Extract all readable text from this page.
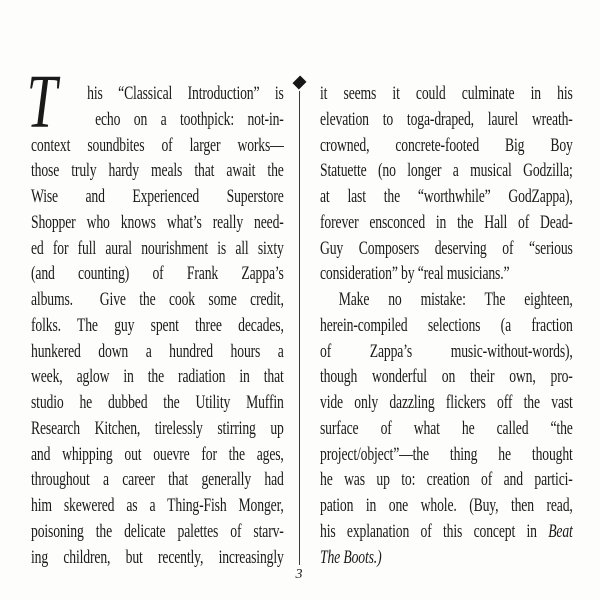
T	his “Classical Introduction” is
echo on a toothpick: not-in-
context soundbites of larger works—
those truly hardy meals that await the
Wise and Experienced Superstore
Shopper who knows what’s really need-
ed for full aural nourishment is all sixty
(and counting) of Frank Zappa’s
albums.  Give the cook some credit,
folks. The guy spent three decades,
hunkered down a hundred hours a
week, aglow in the radiation in that
studio he dubbed the Utility Muffin
Research Kitchen, tirelessly stirring up
and whipping out ouevre for the ages,
throughout a career that generally had
him skewered as a Thing-Fish Monger,
poisoning the delicate palettes of starv-
ing children, but recently, increasingly
it seems it could culminate in his
elevation to toga-draped, laurel wreath-
crowned, concrete-footed Big Boy
Statuette (no longer a musical Godzilla;
at last the “worthwhile” GodZappa),
forever ensconced in the Hall of Dead-
Guy Composers deserving of “serious
consideration” by “real musicians.”
Make no mistake: The eighteen,
herein-compiled selections (a fraction
of Zappa’s music-without-words),
though wonderful on their own, pro-
vide only dazzling flickers off the vast
surface of what he called “the
project/object”—the thing he thought
he was up to: creation of and partici-
pation in one whole. (Buy, then read,
his explanation of this concept in Beat
The Boots.)
3
